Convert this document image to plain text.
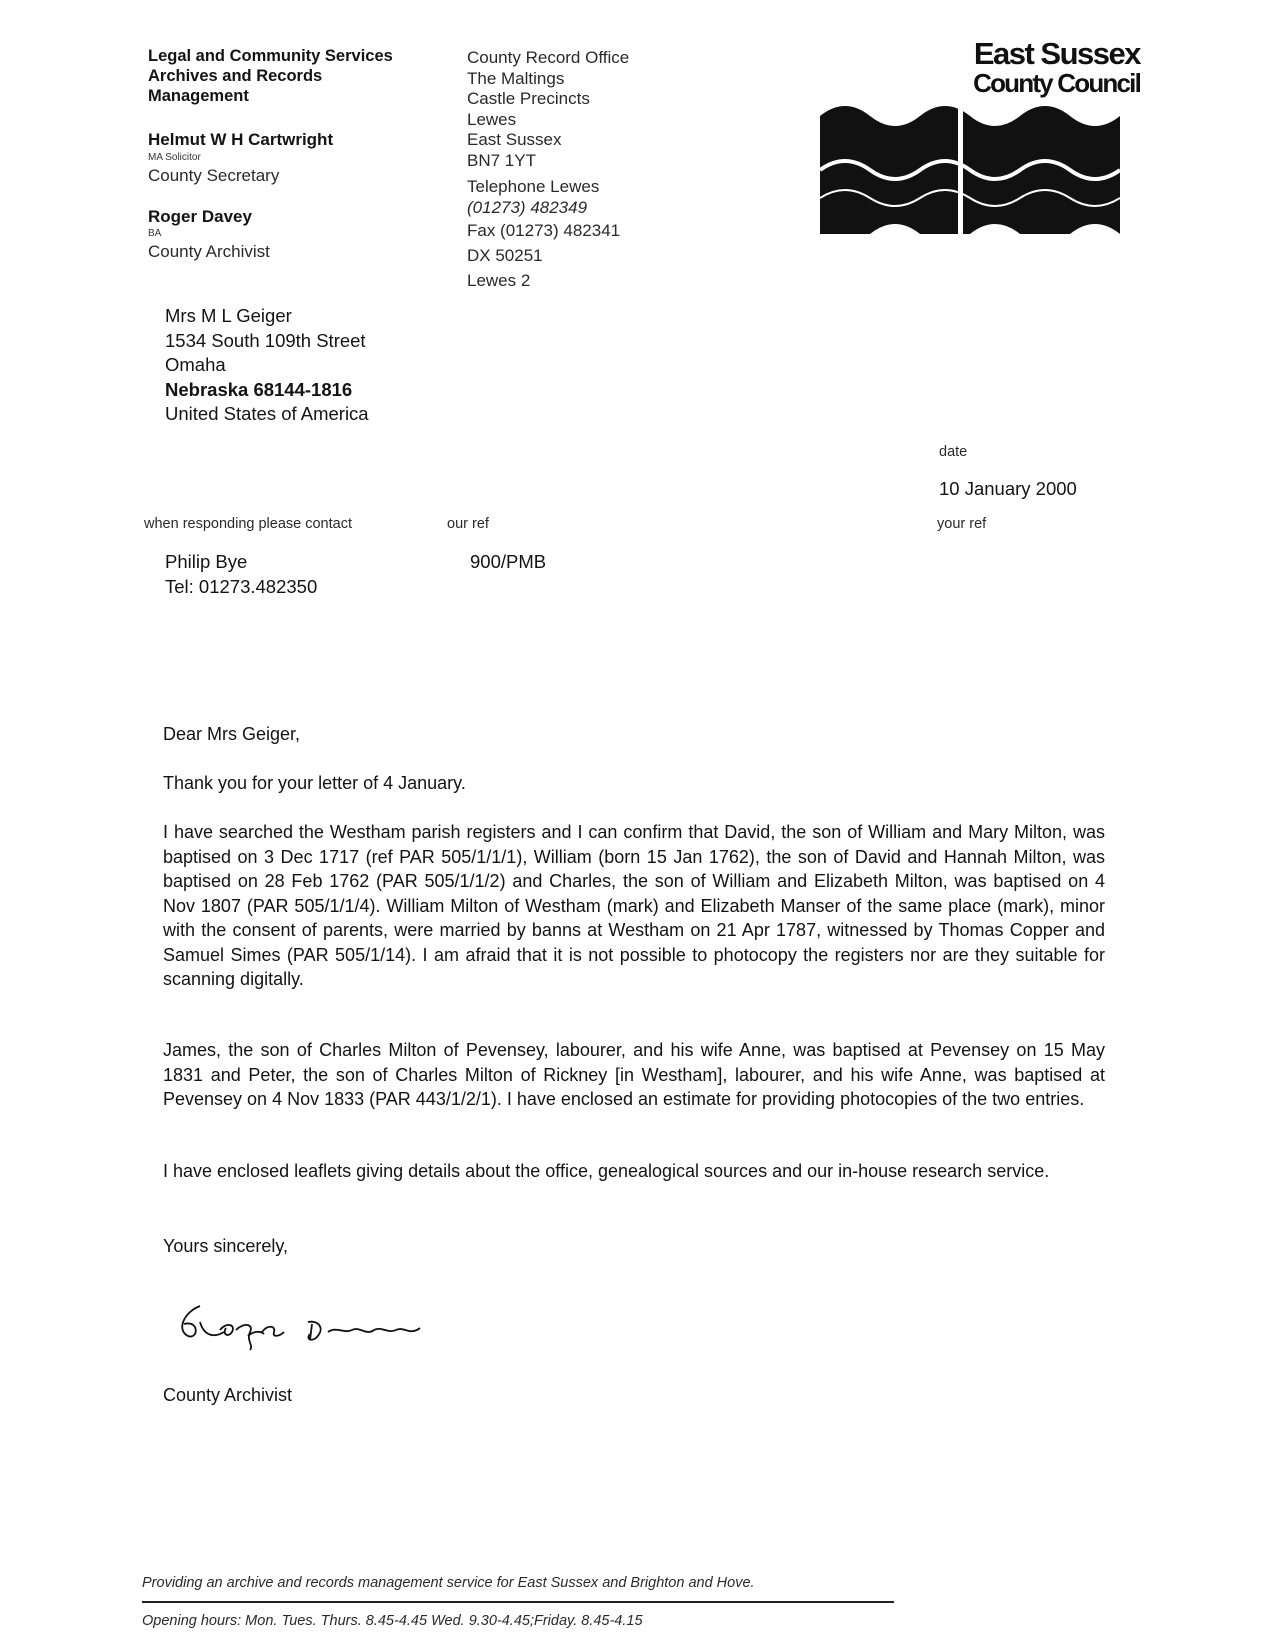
Legal and Community Services
Archives and Records
Management
Helmut W H Cartwright
MA Solicitor
County Secretary
Roger Davey
BA
County Archivist
County Record Office
The Maltings
Castle Precincts
Lewes
East Sussex
BN7 1YT
Telephone Lewes
(01273) 482349
Fax (01273) 482341
DX 50251
Lewes 2
East Sussex
County Council
Mrs M L Geiger
1534 South 109th Street
Omaha
Nebraska 68144-1816
United States of America
date
10 January 2000
when responding please contact	our ref	your ref
Philip Bye
Tel: 01273.482350
900/PMB
Dear Mrs Geiger,
Thank you for your letter of 4 January.
I have searched the Westham parish registers and I can confirm that David, the son of William and Mary Milton, was baptised on 3 Dec 1717 (ref PAR 505/1/1/1), William (born 15 Jan 1762), the son of David and Hannah Milton, was baptised on 28 Feb 1762 (PAR 505/1/1/2) and Charles, the son of William and Elizabeth Milton, was baptised on 4 Nov 1807 (PAR 505/1/1/4). William Milton of Westham (mark) and Elizabeth Manser of the same place (mark), minor with the consent of parents, were married by banns at Westham on 21 Apr 1787, witnessed by Thomas Copper and Samuel Simes (PAR 505/1/14). I am afraid that it is not possible to photocopy the registers nor are they suitable for scanning digitally.
James, the son of Charles Milton of Pevensey, labourer, and his wife Anne, was baptised at Pevensey on 15 May 1831 and Peter, the son of Charles Milton of Rickney [in Westham], labourer, and his wife Anne, was baptised at Pevensey on 4 Nov 1833 (PAR 443/1/2/1). I have enclosed an estimate for providing photocopies of the two entries.
I have enclosed leaflets giving details about the office, genealogical sources and our in-house research service.
Yours sincerely,
County Archivist
Providing an archive and records management service for East Sussex and Brighton and Hove.
Opening hours: Mon. Tues. Thurs. 8.45-4.45 Wed. 9.30-4.45;Friday. 8.45-4.15
